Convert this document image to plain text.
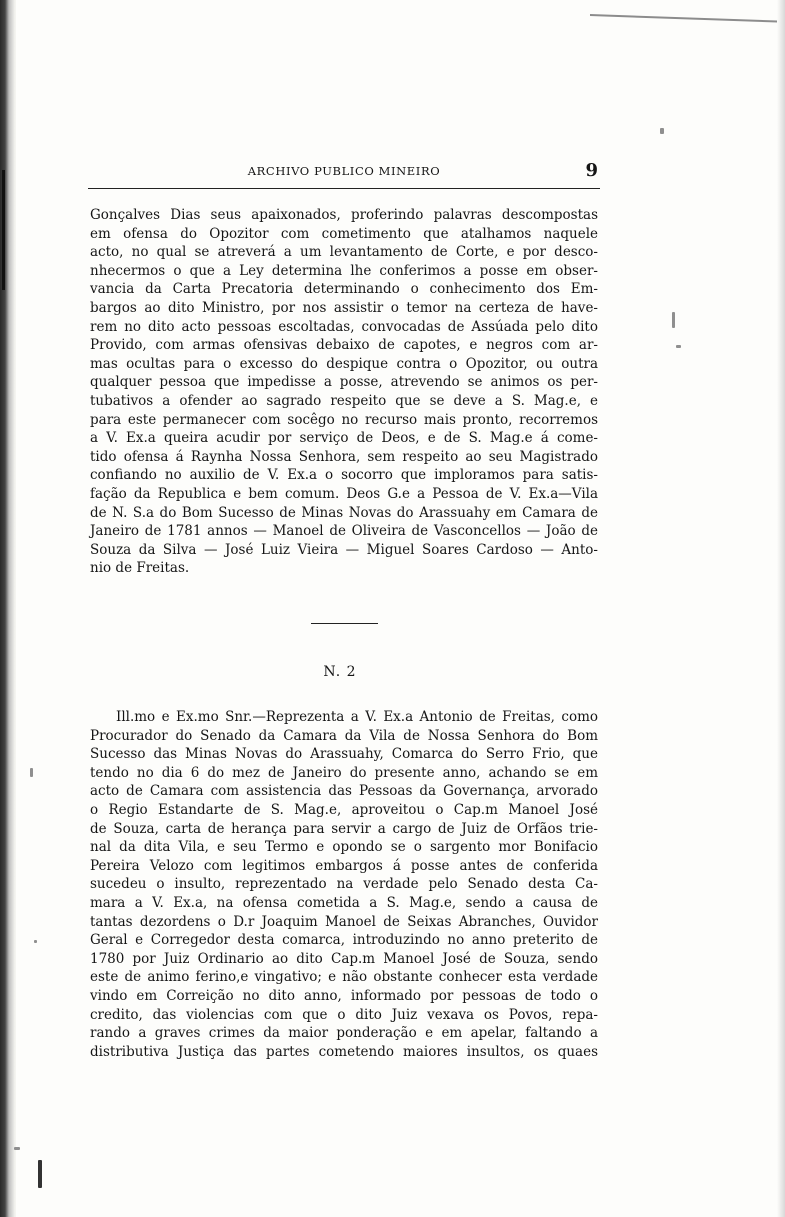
ARCHIVO PUBLICO MINEIRO	9
Gonçalves Dias seus apaixonados, proferindo palavras descompostas
em ofensa do Opozitor com cometimento que atalhamos naquele
acto, no qual se atreverá a um levantamento de Corte, e por desco-
nhecermos o que a Ley determina lhe conferimos a posse em obser-
vancia da Carta Precatoria determinando o conhecimento dos Em-
bargos ao dito Ministro, por nos assistir o temor na certeza de have-
rem no dito acto pessoas escoltadas, convocadas de Assúada pelo dito
Provido, com armas ofensivas debaixo de capotes, e negros com ar-
mas ocultas para o excesso do despique contra o Opozitor, ou outra
qualquer pessoa que impedisse a posse, atrevendo se animos os per-
tubativos a ofender ao sagrado respeito que se deve a S. Mag.e, e
para este permanecer com socêgo no recurso mais pronto, recorremos
a V. Ex.a queira acudir por serviço de Deos, e de S. Mag.e á come-
tido ofensa á Raynha Nossa Senhora, sem respeito ao seu Magistrado
confiando no auxilio de V. Ex.a o socorro que imploramos para satis-
fação da Republica e bem comum. Deos G.e a Pessoa de V. Ex.a—Vila
de N. S.a do Bom Sucesso de Minas Novas do Arassuahy em Camara de
Janeiro de 1781 annos — Manoel de Oliveira de Vasconcellos — João de
Souza da Silva — José Luiz Vieira — Miguel Soares Cardoso — Anto-
nio de Freitas.
N. 2
Ill.mo e Ex.mo Snr.—Reprezenta a V. Ex.a Antonio de Freitas, como
Procurador do Senado da Camara da Vila de Nossa Senhora do Bom
Sucesso das Minas Novas do Arassuahy, Comarca do Serro Frio, que
tendo no dia 6 do mez de Janeiro do presente anno, achando se em
acto de Camara com assistencia das Pessoas da Governança, arvorado
o Regio Estandarte de S. Mag.e, aproveitou o Cap.m Manoel José
de Souza, carta de herança para servir a cargo de Juiz de Orfãos trie-
nal da dita Vila, e seu Termo e opondo se o sargento mor Bonifacio
Pereira Velozo com legitimos embargos á posse antes de conferida
sucedeu o insulto, reprezentado na verdade pelo Senado desta Ca-
mara a V. Ex.a, na ofensa cometida a S. Mag.e, sendo a causa de
tantas dezordens o D.r Joaquim Manoel de Seixas Abranches, Ouvidor
Geral e Corregedor desta comarca, introduzindo no anno preterito de
1780 por Juiz Ordinario ao dito Cap.m Manoel José de Souza, sendo
este de animo ferino,e vingativo; e não obstante conhecer esta verdade
vindo em Correição no dito anno, informado por pessoas de todo o
credito, das violencias com que o dito Juiz vexava os Povos, repa-
rando a graves crimes da maior ponderação e em apelar, faltando a
distributiva Justiça das partes cometendo maiores insultos, os quaes
